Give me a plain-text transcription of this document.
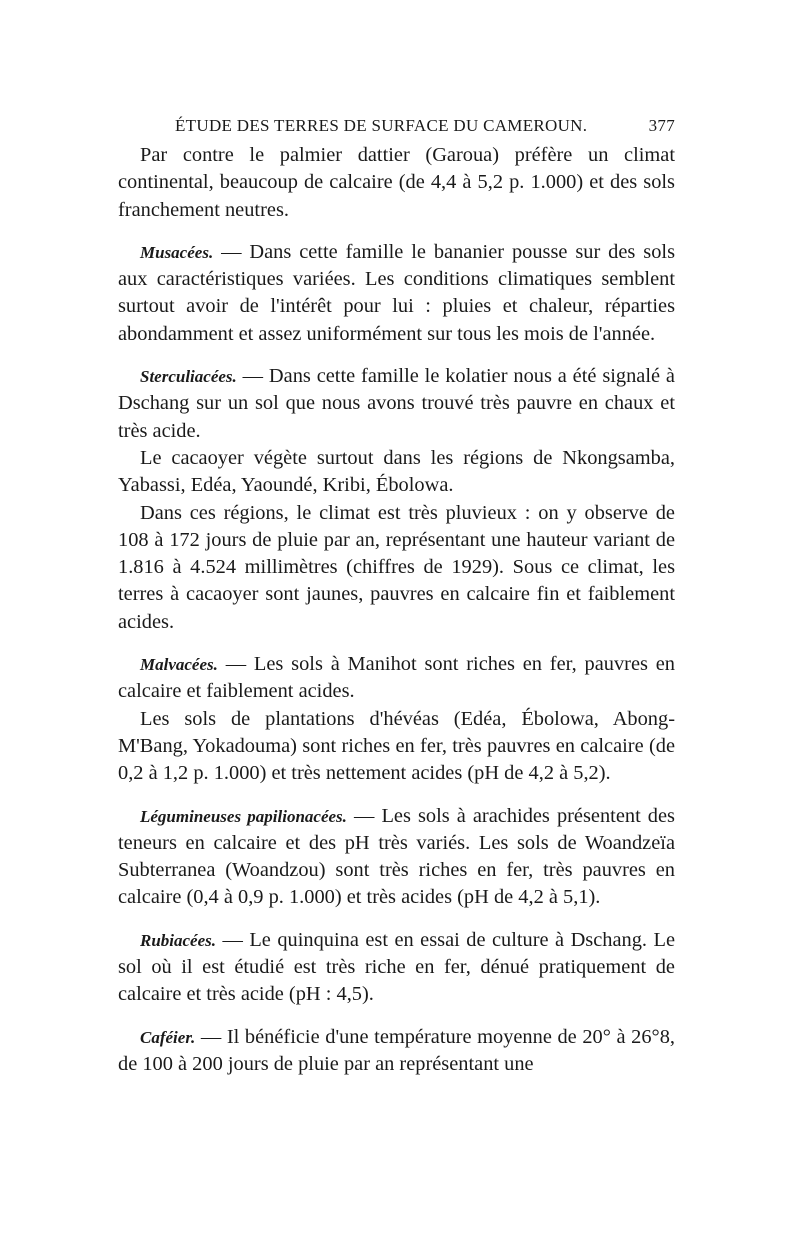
ÉTUDE DES TERRES DE SURFACE DU CAMEROUN.	377

Par contre le palmier dattier (Garoua) préfère un climat continental, beaucoup de calcaire (de 4,4 à 5,2 p. 1.000) et des sols franchement neutres.

Musacées. — Dans cette famille le bananier pousse sur des sols aux caractéristiques variées. Les conditions climatiques semblent surtout avoir de l'intérêt pour lui : pluies et chaleur, réparties abondamment et assez uniformément sur tous les mois de l'année.

Sterculiacées. — Dans cette famille le kolatier nous a été signalé à Dschang sur un sol que nous avons trouvé très pauvre en chaux et très acide.

Le cacaoyer végète surtout dans les régions de Nkongsamba, Yabassi, Edéa, Yaoundé, Kribi, Ébolowa.

Dans ces régions, le climat est très pluvieux : on y observe de 108 à 172 jours de pluie par an, représentant une hauteur variant de 1.816 à 4.524 millimètres (chiffres de 1929). Sous ce climat, les terres à cacaoyer sont jaunes, pauvres en calcaire fin et faiblement acides.

Malvacées. — Les sols à Manihot sont riches en fer, pauvres en calcaire et faiblement acides.

Les sols de plantations d'hévéas (Edéa, Ébolowa, Abong-M'Bang, Yokadouma) sont riches en fer, très pauvres en calcaire (de 0,2 à 1,2 p. 1.000) et très nettement acides (pH de 4,2 à 5,2).

Légumineuses papilionacées. — Les sols à arachides présentent des teneurs en calcaire et des pH très variés. Les sols de Woandzeïa Subterranea (Woandzou) sont très riches en fer, très pauvres en calcaire (0,4 à 0,9 p. 1.000) et très acides (pH de 4,2 à 5,1).

Rubiacées. — Le quinquina est en essai de culture à Dschang. Le sol où il est étudié est très riche en fer, dénué pratiquement de calcaire et très acide (pH : 4,5).

Caféier. — Il bénéficie d'une température moyenne de 20° à 26°8, de 100 à 200 jours de pluie par an représentant une
